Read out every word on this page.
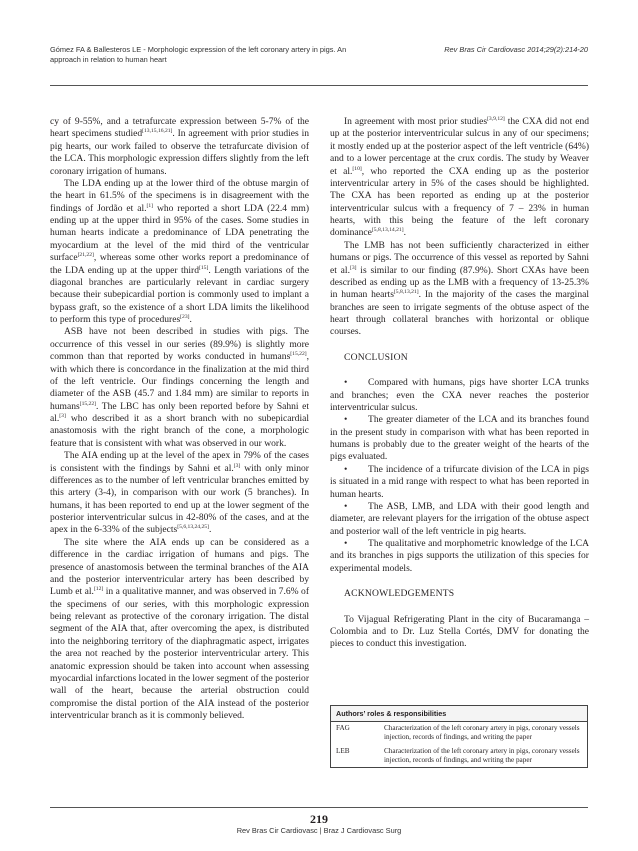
Gómez FA & Ballesteros LE - Morphologic expression of the left coronary artery in pigs. An approach in relation to human heart
Rev Bras Cir Cardiovasc 2014;29(2):214-20

cy of 9-55%, and a tetrafurcate expression between 5-7% of the heart specimens studied[13,15,16,21]. In agreement with prior studies in pig hearts, our work failed to observe the tetrafurcate division of the LCA. This morphologic expression differs slightly from the left coronary irrigation of humans.

The LDA ending up at the lower third of the obtuse margin of the heart in 61.5% of the specimens is in disagreement with the findings of Jordão et al.[1] who reported a short LDA (22.4 mm) ending up at the upper third in 95% of the cases. Some studies in human hearts indicate a predominance of LDA penetrating the myocardium at the level of the mid third of the ventricular surface[21,22], whereas some other works report a predominance of the LDA ending up at the upper third[15]. Length variations of the diagonal branches are particularly relevant in cardiac surgery because their subepicardial portion is commonly used to implant a bypass graft, so the existence of a short LDA limits the likelihood to perform this type of procedures[23].

ASB have not been described in studies with pigs. The occurrence of this vessel in our series (89.9%) is slightly more common than that reported by works conducted in humans[15,22], with which there is concordance in the finalization at the mid third of the left ventricle. Our findings concerning the length and diameter of the ASB (45.7 and 1.84 mm) are similar to reports in humans[15,22]. The LBC has only been reported before by Sahni et al.[3] who described it as a short branch with no subepicardial anastomosis with the right branch of the cone, a morphologic feature that is consistent with what was observed in our work.

The AIA ending up at the level of the apex in 79% of the cases is consistent with the findings by Sahni et al.[3] with only minor differences as to the number of left ventricular branches emitted by this artery (3-4), in comparison with our work (5 branches). In humans, it has been reported to end up at the lower segment of the posterior interventricular sulcus in 42-80% of the cases, and at the apex in the 6-33% of the subjects[5,6,13,24,25].

The site where the AIA ends up can be considered as a difference in the cardiac irrigation of humans and pigs. The presence of anastomosis between the terminal branches of the AIA and the posterior interventricular artery has been described by Lumb et al.[12] in a qualitative manner, and was observed in 7.6% of the specimens of our series, with this morphologic expression being relevant as protective of the coronary irrigation. The distal segment of the AIA that, after overcoming the apex, is distributed into the neighboring territory of the diaphragmatic aspect, irrigates the area not reached by the posterior interventricular artery. This anatomic expression should be taken into account when assessing myocardial infarctions located in the lower segment of the posterior wall of the heart, because the arterial obstruction could compromise the distal portion of the AIA instead of the posterior interventricular branch as it is commonly believed.

In agreement with most prior studies[3,9,12] the CXA did not end up at the posterior interventricular sulcus in any of our specimens; it mostly ended up at the posterior aspect of the left ventricle (64%) and to a lower percentage at the crux cordis. The study by Weaver et al.[10], who reported the CXA ending up as the posterior interventricular artery in 5% of the cases should be highlighted. The CXA has been reported as ending up at the posterior interventricular sulcus with a frequency of 7 – 23% in human hearts, with this being the feature of the left coronary dominance[5,8,13,14,21].

The LMB has not been sufficiently characterized in either humans or pigs. The occurrence of this vessel as reported by Sahni et al.[3] is similar to our finding (87.9%). Short CXAs have been described as ending up as the LMB with a frequency of 13-25.3% in human hearts[5,8,13,21]. In the majority of the cases the marginal branches are seen to irrigate segments of the obtuse aspect of the heart through collateral branches with horizontal or oblique courses.

CONCLUSION
• Compared with humans, pigs have shorter LCA trunks and branches; even the CXA never reaches the posterior interventricular sulcus.
• The greater diameter of the LCA and its branches found in the present study in comparison with what has been reported in humans is probably due to the greater weight of the hearts of the pigs evaluated.
• The incidence of a trifurcate division of the LCA in pigs is situated in a mid range with respect to what has been reported in human hearts.
• The ASB, LMB, and LDA with their good length and diameter, are relevant players for the irrigation of the obtuse aspect and posterior wall of the left ventricle in pig hearts.
• The qualitative and morphometric knowledge of the LCA and its branches in pigs supports the utilization of this species for experimental models.
ACKNOWLEDGEMENTS

To Vijagual Refrigerating Plant in the city of Bucaramanga – Colombia and to Dr. Luz Stella Cortés, DMV for donating the pieces to conduct this investigation.

Authors’ roles & responsibilities
FAG	Characterization of the left coronary artery in pigs, coronary vessels injection, records of findings, and writing the paper
LEB	Characterization of the left coronary artery in pigs, coronary vessels injection, records of findings, and writing the paper
219
Rev Bras Cir Cardiovasc | Braz J Cardiovasc Surg
